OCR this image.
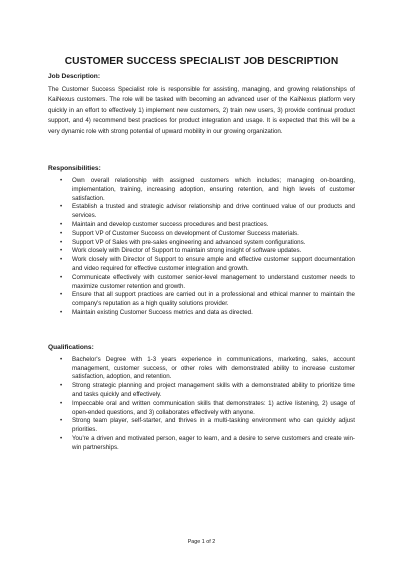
CUSTOMER SUCCESS SPECIALIST JOB DESCRIPTION
Job Description:
The Customer Success Specialist role is responsible for assisting, managing, and growing relationships of KaiNexus customers. The role will be tasked with becoming an advanced user of the KaiNexus platform very quickly in an effort to effectively 1) implement new customers, 2) train new users, 3) provide continual product support, and 4) recommend best practices for product integration and usage. It is expected that this will be a very dynamic role with strong potential of upward mobility in our growing organization.
Responsibilities:
• Own overall relationship with assigned customers which includes; managing on-boarding, implementation, training, increasing adoption, ensuring retention, and high levels of customer satisfaction.
• Establish a trusted and strategic advisor relationship and drive continued value of our products and services.
• Maintain and develop customer success procedures and best practices.
• Support VP of Customer Success on development of Customer Success materials.
• Support VP of Sales with pre-sales engineering and advanced system configurations.
• Work closely with Director of Support to maintain strong insight of software updates.
• Work closely with Director of Support to ensure ample and effective customer support documentation and video required for effective customer integration and growth.
• Communicate effectively with customer senior-level management to understand customer needs to maximize customer retention and growth.
• Ensure that all support practices are carried out in a professional and ethical manner to maintain the company's reputation as a high quality solutions provider.
• Maintain existing Customer Success metrics and data as directed.
Qualifications:
• Bachelor's Degree with 1-3 years experience in communications, marketing, sales, account management, customer success, or other roles with demonstrated ability to increase customer satisfaction, adoption, and retention.
• Strong strategic planning and project management skills with a demonstrated ability to prioritize time and tasks quickly and effectively.
• Impeccable oral and written communication skills that demonstrates: 1) active listening, 2) usage of open-ended questions, and 3) collaborates effectively with anyone.
• Strong team player, self-starter, and thrives in a multi-tasking environment who can quickly adjust priorities.
• You're a driven and motivated person, eager to learn, and a desire to serve customers and create win-win partnerships.
Page 1 of 2
